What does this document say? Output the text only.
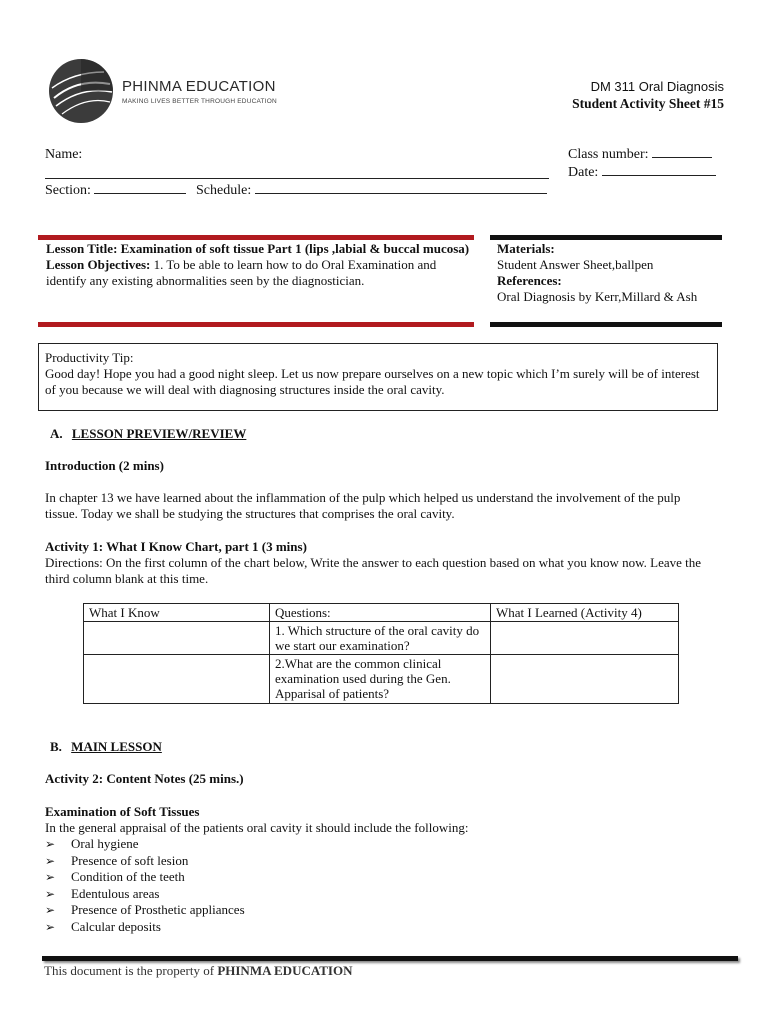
PHINMA EDUCATION
MAKING LIVES BETTER THROUGH EDUCATION
DM 311 Oral Diagnosis
Student Activity Sheet #15
Name:	Class number:
Date:
Section:	Schedule:
Lesson Title: Examination of soft tissue Part 1 (lips ,labial & buccal mucosa)
Lesson Objectives: 1. To be able to learn how to do Oral Examination and identify any existing abnormalities seen by the diagnostician.
Materials:
Student Answer Sheet,ballpen
References:
Oral Diagnosis by Kerr,Millard & Ash
Productivity Tip:
Good day! Hope you had a good night sleep. Let us now prepare ourselves on a new topic which I’m surely will be of interest of you because we will deal with diagnosing structures inside the oral cavity.
A. LESSON PREVIEW/REVIEW
Introduction (2 mins)
In chapter 13 we have learned about the inflammation of the pulp which helped us understand the involvement of the pulp tissue. Today we shall be studying the structures that comprises the oral cavity.
Activity 1: What I Know Chart, part 1 (3 mins)
Directions: On the first column of the chart below, Write the answer to each question based on what you know now. Leave the third column blank at this time.
What I Know	Questions:	What I Learned (Activity 4)
	1. Which structure of the oral cavity do we start our examination?	
	2.What are the common clinical examination used during the Gen. Apparisal of patients?	
B. MAIN LESSON
Activity 2: Content Notes (25 mins.)
Examination of Soft Tissues
In the general appraisal of the patients oral cavity it should include the following:
➢ Oral hygiene
➢ Presence of soft lesion
➢ Condition of the teeth
➢ Edentulous areas
➢ Presence of Prosthetic appliances
➢ Calcular deposits
This document is the property of PHINMA EDUCATION
